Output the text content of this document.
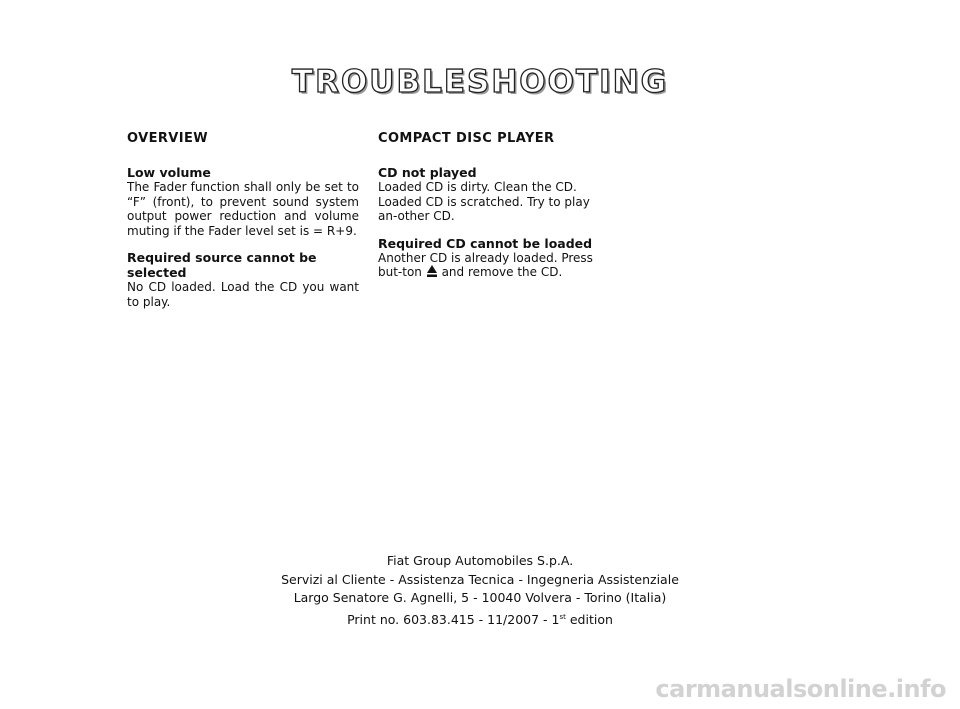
TROUBLESHOOTING
OVERVIEW
Low volume
The Fader function shall only be set to “F” (front), to prevent sound system output power reduction and volume muting if the Fader level set is = R+9.
Required source cannot be selected
No CD loaded. Load the CD you want to play.
COMPACT DISC PLAYER
CD not played
Loaded CD is dirty. Clean the CD. Loaded CD is scratched. Try to play an-other CD.
Required CD cannot be loaded
Another CD is already loaded. Press but-ton and remove the CD.
Fiat Group Automobiles S.p.A.
Servizi al Cliente - Assistenza Tecnica - Ingegneria Assistenziale
Largo Senatore G. Agnelli, 5 - 10040 Volvera - Torino (Italia)
Print no. 603.83.415 - 11/2007 - 1st edition
carmanualsonline.info
